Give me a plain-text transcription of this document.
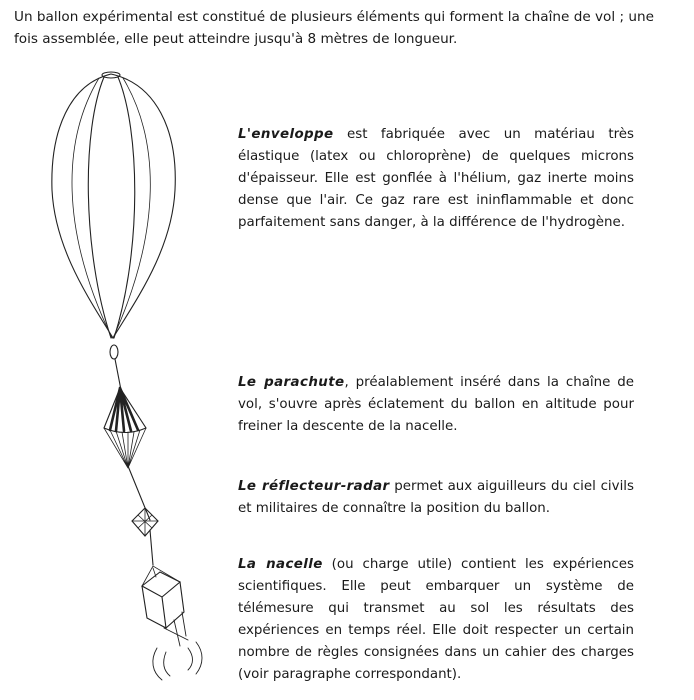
Un ballon expérimental est constitué de plusieurs éléments qui forment la chaîne de vol ; une fois assemblée, elle peut atteindre jusqu'à 8 mètres de longueur.

L'enveloppe est fabriquée avec un matériau très élastique (latex ou chloroprène) de quelques microns d'épaisseur. Elle est gonflée à l'hélium, gaz inerte moins dense que l'air. Ce gaz rare est ininflammable et donc parfaitement sans danger, à la différence de l'hydrogène.

Le parachute, préalablement inséré dans la chaîne de vol, s'ouvre après éclatement du ballon en altitude pour freiner la descente de la nacelle.

Le réflecteur-radar permet aux aiguilleurs du ciel civils et militaires de connaître la position du ballon.

La nacelle (ou charge utile) contient les expériences scientifiques. Elle peut embarquer un système de télémesure qui transmet au sol les résultats des expériences en temps réel. Elle doit respecter un certain nombre de règles consignées dans un cahier des charges (voir paragraphe correspondant).
